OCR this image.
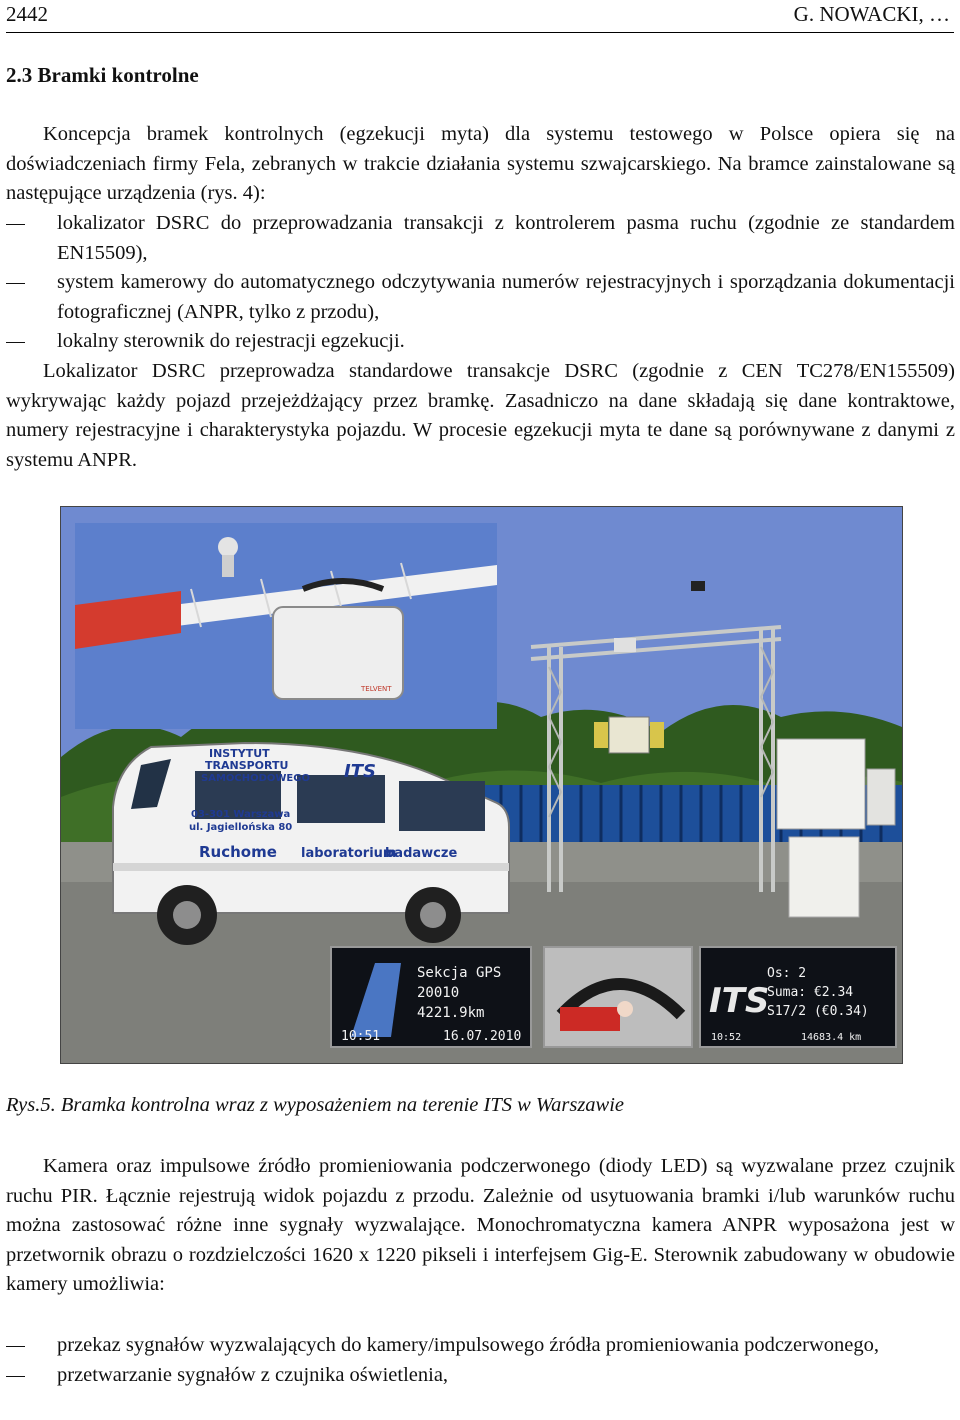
2442	G. NOWACKI, …
2.3 Bramki kontrolne

Koncepcja bramek kontrolnych (egzekucji myta) dla systemu testowego w Polsce opiera się na doświadczeniach firmy Fela, zebranych w trakcie działania systemu szwajcarskiego. Na bramce zainstalowane są następujące urządzenia (rys. 4):

lokalizator DSRC do przeprowadzania transakcji z kontrolerem pasma ruchu (zgodnie ze standardem EN15509),
system kamerowy do automatycznego odczytywania numerów rejestracyjnych i sporządzania dokumentacji fotograficznej (ANPR, tylko z przodu),
lokalny sterownik do rejestracji egzekucji.

Lokalizator DSRC przeprowadza standardowe transakcje DSRC (zgodnie z CEN TC278/EN155509) wykrywając każdy pojazd przejeżdżający przez bramkę. Zasadniczo na dane składają się dane kontraktowe, numery rejestracyjne i charakterystyka pojazdu. W procesie egzekucji myta te dane są porównywane z danymi z systemu ANPR.

TELVENT
INSTYTUT
TRANSPORTU
SAMOCHODOWEGO
03-301 Warszawa
ul. Jagiellońska 80
Ruchome laboratorium
badawcze
ITS
Sekcja GPS
20010
4221.9km
10:51	16.07.2010
ITS
Os: 2
Suma: €2.34
S17/2 (€0.34)
10:52	14683.4 km
Rys.5. Bramka kontrolna wraz z wyposażeniem na terenie ITS w Warszawie

Kamera oraz impulsowe źródło promieniowania podczerwonego (diody LED) są wyzwalane przez czujnik ruchu PIR. Łącznie rejestrują widok pojazdu z przodu. Zależnie od usytuowania bramki i/lub warunków ruchu można zastosować różne inne sygnały wyzwalające. Monochromatyczna kamera ANPR wyposażona jest w przetwornik obrazu o rozdzielczości 1620 x 1220 pikseli i interfejsem Gig-E. Sterownik zabudowany w obudowie kamery umożliwia:

przekaz sygnałów wyzwalających do kamery/impulsowego źródła promieniowania podczerwonego,
przetwarzanie sygnałów z czujnika oświetlenia,
